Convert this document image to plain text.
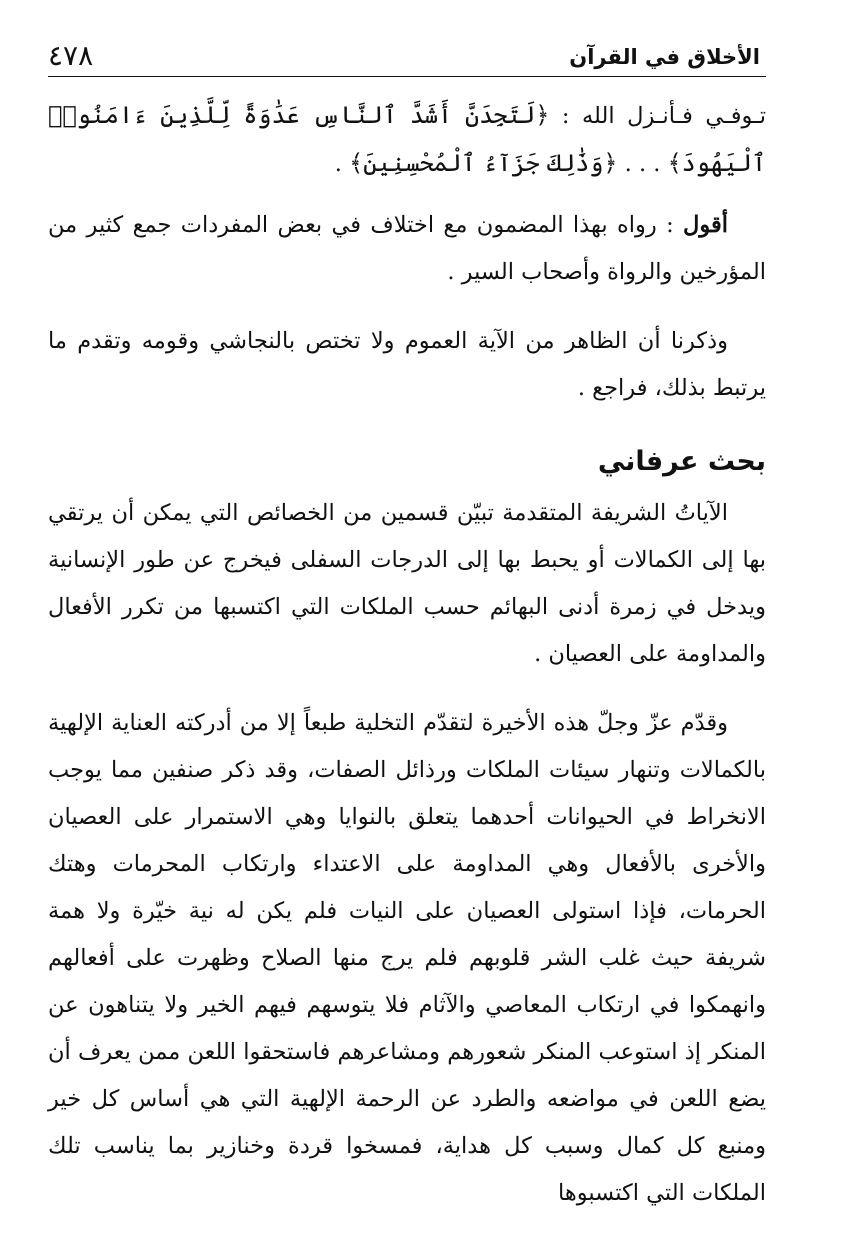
الأخلاق في القرآن
٤٧٨

تـوفـي فـأنـزل الله : ﴿لَتَجِدَنَّ أَشَدَّ ٱلنَّاسِ عَدَٰوَةً لِّلَّذِينَ ءَامَنُوا۟ ٱلْيَهُودَ﴾ . . . ﴿وَذَٰلِكَ جَزَآءُ ٱلْمُحْسِنِينَ﴾ .

أقول : رواه بهذا المضمون مع اختلاف في بعض المفردات جمع كثير من المؤرخين والرواة وأصحاب السير .

وذكرنا أن الظاهر من الآية العموم ولا تختص بالنجاشي وقومه وتقدم ما يرتبط بذلك، فراجع .

بحث عرفاني

الآياتُ الشريفة المتقدمة تبيّن قسمين من الخصائص التي يمكن أن يرتقي بها إلى الكمالات أو يحبط بها إلى الدرجات السفلى فيخرج عن طور الإنسانية ويدخل في زمرة أدنى البهائم حسب الملكات التي اكتسبها من تكرر الأفعال والمداومة على العصيان .

وقدّم عزّ وجلّ هذه الأخيرة لتقدّم التخلية طبعاً إلا من أدركته العناية الإلهية بالكمالات وتنهار سيئات الملكات ورذائل الصفات، وقد ذكر صنفين مما يوجب الانخراط في الحيوانات أحدهما يتعلق بالنوايا وهي الاستمرار على العصيان والأخرى بالأفعال وهي المداومة على الاعتداء وارتكاب المحرمات وهتك الحرمات، فإذا استولى العصيان على النيات فلم يكن له نية خيّرة ولا همة شريفة حيث غلب الشر قلوبهم فلم يرج منها الصلاح وظهرت على أفعالهم وانهمكوا في ارتكاب المعاصي والآثام فلا يتوسهم فيهم الخير ولا يتناهون عن المنكر إذ استوعب المنكر شعورهم ومشاعرهم فاستحقوا اللعن ممن يعرف أن يضع اللعن في مواضعه والطرد عن الرحمة الإلهية التي هي أساس كل خير ومنبع كل كمال وسبب كل هداية، فمسخوا قردة وخنازير بما يناسب تلك الملكات التي اكتسبوها
